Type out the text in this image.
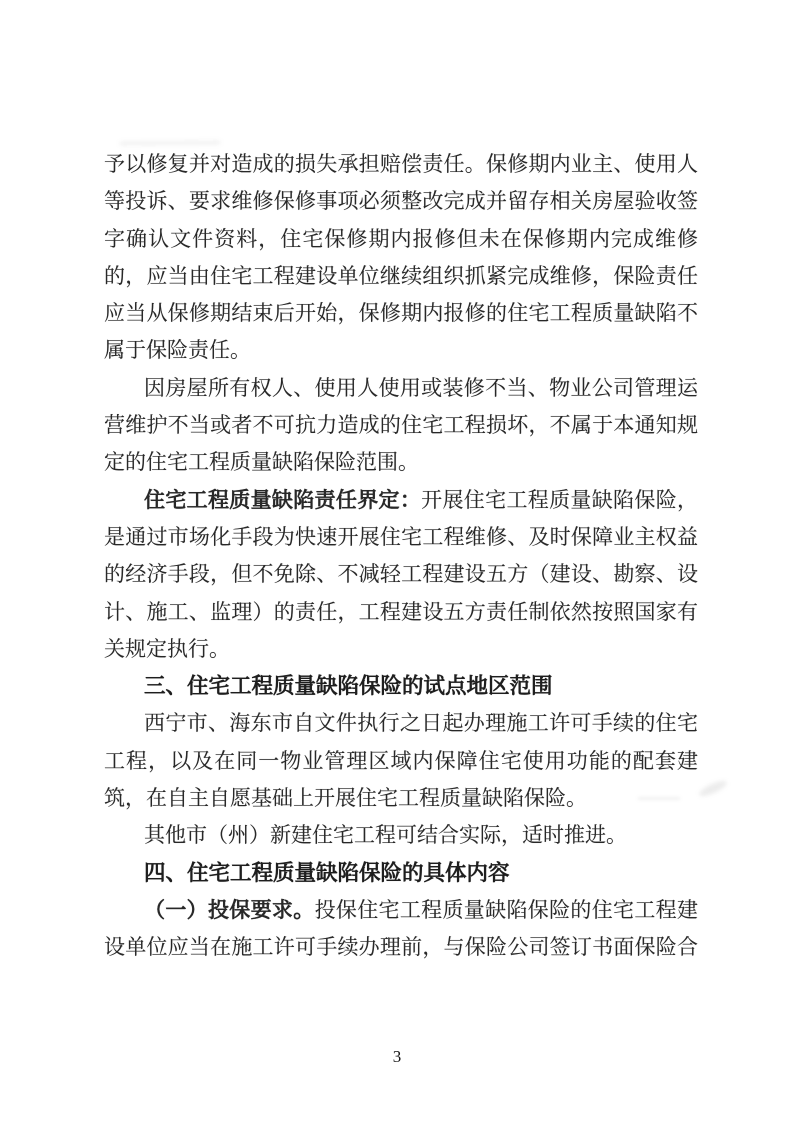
予以修复并对造成的损失承担赔偿责任。保修期内业主、使用人
等投诉、要求维修保修事项必须整改完成并留存相关房屋验收签
字确认文件资料，住宅保修期内报修但未在保修期内完成维修
的，应当由住宅工程建设单位继续组织抓紧完成维修，保险责任
应当从保修期结束后开始，保修期内报修的住宅工程质量缺陷不
属于保险责任。
因房屋所有权人、使用人使用或装修不当、物业公司管理运
营维护不当或者不可抗力造成的住宅工程损坏，不属于本通知规
定的住宅工程质量缺陷保险范围。
住宅工程质量缺陷责任界定：开展住宅工程质量缺陷保险，
是通过市场化手段为快速开展住宅工程维修、及时保障业主权益
的经济手段，但不免除、不减轻工程建设五方（建设、勘察、设
计、施工、监理）的责任，工程建设五方责任制依然按照国家有
关规定执行。
三、住宅工程质量缺陷保险的试点地区范围
西宁市、海东市自文件执行之日起办理施工许可手续的住宅
工程，以及在同一物业管理区域内保障住宅使用功能的配套建
筑，在自主自愿基础上开展住宅工程质量缺陷保险。
其他市（州）新建住宅工程可结合实际，适时推进。
四、住宅工程质量缺陷保险的具体内容
（一）投保要求。投保住宅工程质量缺陷保险的住宅工程建
设单位应当在施工许可手续办理前，与保险公司签订书面保险合
3
